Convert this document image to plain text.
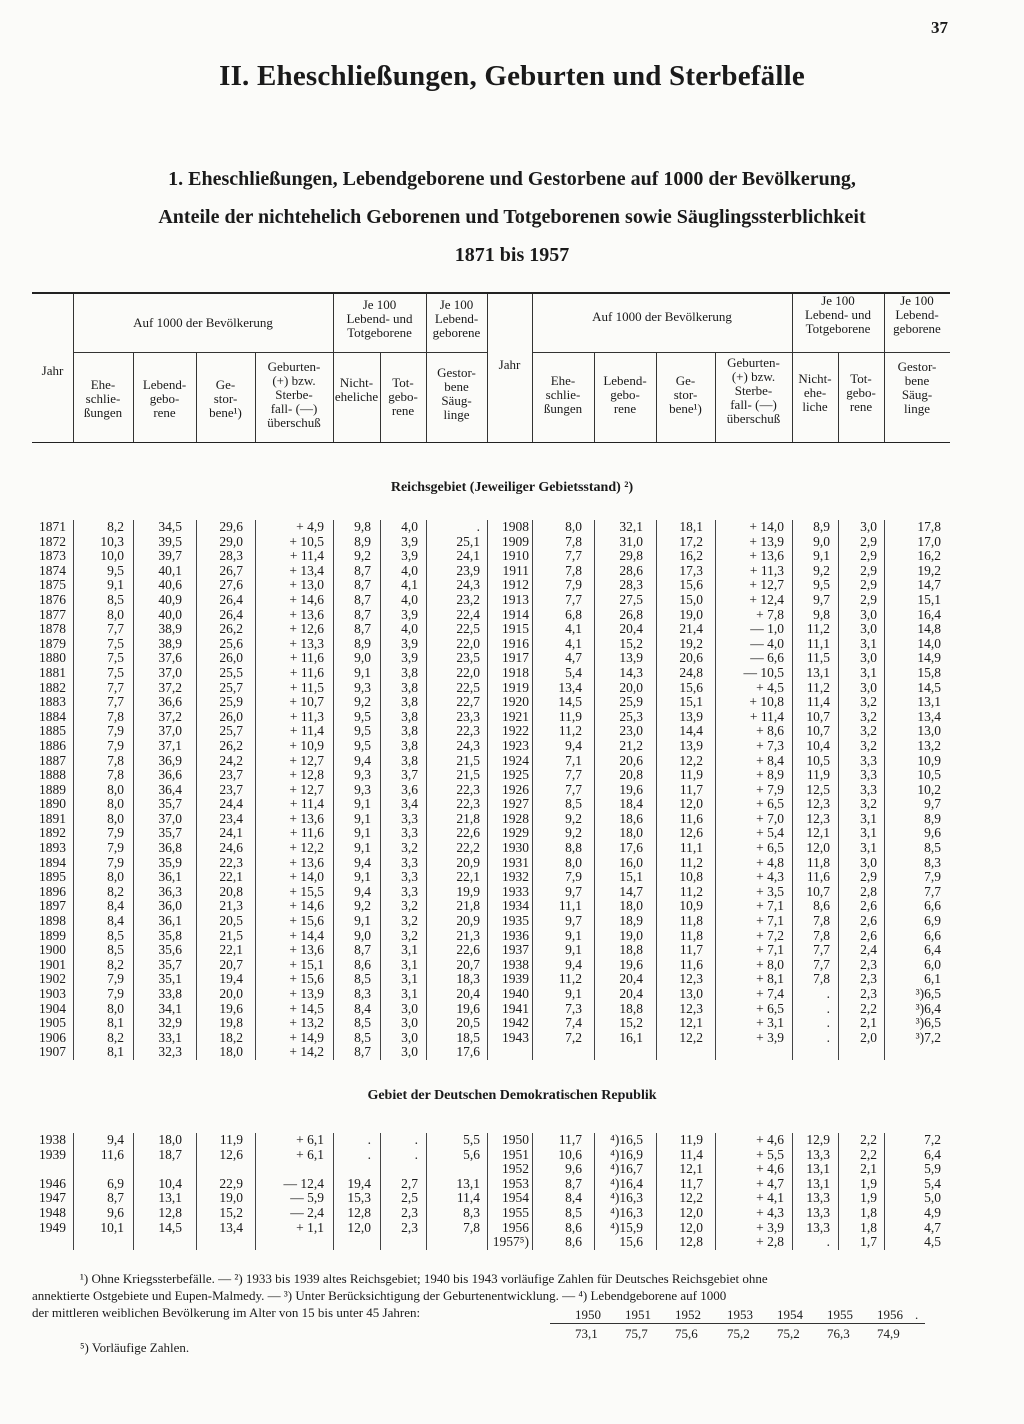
37
II. Eheschließungen, Geburten und Sterbefälle
1. Eheschließungen, Lebendgeborene und Gestorbene auf 1000 der Bevölkerung,
Anteile der nichtehelich Geborenen und Totgeborenen sowie Säuglingssterblichkeit
1871 bis 1957
Jahr
Auf 1000 der Bevölkerung
Je 100
Lebend- und
Totgeborene
Je 100
Lebend-
geborene
Ehe-
schlie-
ßungen
Lebend-
gebo-
rene
Ge-
stor-
bene¹)
Geburten-
(+) bzw.
Sterbe-
fall- (—)
überschuß
Nicht-
eheliche
Tot-
gebo-
rene
Gestor-
bene
Säug-
linge
Jahr
Auf 1000 der Bevölkerung
Je 100
Lebend- und
Totgeborene
Je 100
Lebend-
geborene
Ehe-
schlie-
ßungen
Lebend-
gebo-
rene
Ge-
stor-
bene¹)
Geburten-
(+) bzw.
Sterbe-
fall- (—)
überschuß
Nicht-
ehe-
liche
Tot-
gebo-
rene
Gestor-
bene
Säug-
linge
Reichsgebiet (Jeweiliger Gebietsstand) ²)
1871
1872
1873
1874
1875
1876
1877
1878
1879
1880
1881
1882
1883
1884
1885
1886
1887
1888
1889
1890
1891
1892
1893
1894
1895
1896
1897
1898
1899
1900
1901
1902
1903
1904
1905
1906
1907
8,2
10,3
10,0
9,5
9,1
8,5
8,0
7,7
7,5
7,5
7,5
7,7
7,7
7,8
7,9
7,9
7,8
7,8
8,0
8,0
8,0
7,9
7,9
7,9
8,0
8,2
8,4
8,4
8,5
8,5
8,2
7,9
7,9
8,0
8,1
8,2
8,1
34,5
39,5
39,7
40,1
40,6
40,9
40,0
38,9
38,9
37,6
37,0
37,2
36,6
37,2
37,0
37,1
36,9
36,6
36,4
35,7
37,0
35,7
36,8
35,9
36,1
36,3
36,0
36,1
35,8
35,6
35,7
35,1
33,8
34,1
32,9
33,1
32,3
29,6
29,0
28,3
26,7
27,6
26,4
26,4
26,2
25,6
26,0
25,5
25,7
25,9
26,0
25,7
26,2
24,2
23,7
23,7
24,4
23,4
24,1
24,6
22,3
22,1
20,8
21,3
20,5
21,5
22,1
20,7
19,4
20,0
19,6
19,8
18,2
18,0
+ 4,9
+ 10,5
+ 11,4
+ 13,4
+ 13,0
+ 14,6
+ 13,6
+ 12,6
+ 13,3
+ 11,6
+ 11,6
+ 11,5
+ 10,7
+ 11,3
+ 11,4
+ 10,9
+ 12,7
+ 12,8
+ 12,7
+ 11,4
+ 13,6
+ 11,6
+ 12,2
+ 13,6
+ 14,0
+ 15,5
+ 14,6
+ 15,6
+ 14,4
+ 13,6
+ 15,1
+ 15,6
+ 13,9
+ 14,5
+ 13,2
+ 14,9
+ 14,2
9,8
8,9
9,2
8,7
8,7
8,7
8,7
8,7
8,9
9,0
9,1
9,3
9,2
9,5
9,5
9,5
9,4
9,3
9,3
9,1
9,1
9,1
9,1
9,4
9,1
9,4
9,2
9,1
9,0
8,7
8,6
8,5
8,3
8,4
8,5
8,5
8,7
4,0
3,9
3,9
4,0
4,1
4,0
3,9
4,0
3,9
3,9
3,8
3,8
3,8
3,8
3,8
3,8
3,8
3,7
3,6
3,4
3,3
3,3
3,2
3,3
3,3
3,3
3,2
3,2
3,2
3,1
3,1
3,1
3,1
3,0
3,0
3,0
3,0
.
25,1
24,1
23,9
24,3
23,2
22,4
22,5
22,0
23,5
22,0
22,5
22,7
23,3
22,3
24,3
21,5
21,5
22,3
22,3
21,8
22,6
22,2
20,9
22,1
19,9
21,8
20,9
21,3
22,6
20,7
18,3
20,4
19,6
20,5
18,5
17,6
1908
1909
1910
1911
1912
1913
1914
1915
1916
1917
1918
1919
1920
1921
1922
1923
1924
1925
1926
1927
1928
1929
1930
1931
1932
1933
1934
1935
1936
1937
1938
1939
1940
1941
1942
1943
8,0
7,8
7,7
7,8
7,9
7,7
6,8
4,1
4,1
4,7
5,4
13,4
14,5
11,9
11,2
9,4
7,1
7,7
7,7
8,5
9,2
9,2
8,8
8,0
7,9
9,7
11,1
9,7
9,1
9,1
9,4
11,2
9,1
7,3
7,4
7,2
32,1
31,0
29,8
28,6
28,3
27,5
26,8
20,4
15,2
13,9
14,3
20,0
25,9
25,3
23,0
21,2
20,6
20,8
19,6
18,4
18,6
18,0
17,6
16,0
15,1
14,7
18,0
18,9
19,0
18,8
19,6
20,4
20,4
18,8
15,2
16,1
18,1
17,2
16,2
17,3
15,6
15,0
19,0
21,4
19,2
20,6
24,8
15,6
15,1
13,9
14,4
13,9
12,2
11,9
11,7
12,0
11,6
12,6
11,1
11,2
10,8
11,2
10,9
11,8
11,8
11,7
11,6
12,3
13,0
12,3
12,1
12,2
+ 14,0
+ 13,9
+ 13,6
+ 11,3
+ 12,7
+ 12,4
+ 7,8
— 1,0
— 4,0
— 6,6
— 10,5
+ 4,5
+ 10,8
+ 11,4
+ 8,6
+ 7,3
+ 8,4
+ 8,9
+ 7,9
+ 6,5
+ 7,0
+ 5,4
+ 6,5
+ 4,8
+ 4,3
+ 3,5
+ 7,1
+ 7,1
+ 7,2
+ 7,1
+ 8,0
+ 8,1
+ 7,4
+ 6,5
+ 3,1
+ 3,9
8,9
9,0
9,1
9,2
9,5
9,7
9,8
11,2
11,1
11,5
13,1
11,2
11,4
10,7
10,7
10,4
10,5
11,9
12,5
12,3
12,3
12,1
12,0
11,8
11,6
10,7
8,6
7,8
7,8
7,7
7,7
7,8
.
.
.
.
3,0
2,9
2,9
2,9
2,9
2,9
3,0
3,0
3,1
3,0
3,1
3,0
3,2
3,2
3,2
3,2
3,3
3,3
3,3
3,2
3,1
3,1
3,1
3,0
2,9
2,8
2,6
2,6
2,6
2,4
2,3
2,3
2,3
2,2
2,1
2,0
17,8
17,0
16,2
19,2
14,7
15,1
16,4
14,8
14,0
14,9
15,8
14,5
13,1
13,4
13,0
13,2
10,9
10,5
10,2
9,7
8,9
9,6
8,5
8,3
7,9
7,7
6,6
6,9
6,6
6,4
6,0
6,1
³)6,5
³)6,4
³)6,5
³)7,2
Gebiet der Deutschen Demokratischen Republik
1938
1939
1946
1947
1948
1949
9,4
11,6
6,9
8,7
9,6
10,1
18,0
18,7
10,4
13,1
12,8
14,5
11,9
12,6
22,9
19,0
15,2
13,4
+ 6,1
+ 6,1
— 12,4
— 5,9
— 2,4
+ 1,1
.
.
19,4
15,3
12,8
12,0
.
.
2,7
2,5
2,3
2,3
5,5
5,6
13,1
11,4
8,3
7,8
1950
1951
1952
1953
1954
1955
1956
1957⁵)
11,7
10,6
9,6
8,7
8,4
8,5
8,6
8,6
⁴)16,5
⁴)16,9
⁴)16,7
⁴)16,4
⁴)16,3
⁴)16,3
⁴)15,9
15,6
11,9
11,4
12,1
11,7
12,2
12,0
12,0
12,8
+ 4,6
+ 5,5
+ 4,6
+ 4,7
+ 4,1
+ 4,3
+ 3,9
+ 2,8
12,9
13,3
13,1
13,1
13,3
13,3
13,3
.
2,2
2,2
2,1
1,9
1,9
1,8
1,8
1,7
7,2
6,4
5,9
5,4
5,0
4,9
4,7
4,5
¹) Ohne Kriegssterbefälle. — ²) 1933 bis 1939 altes Reichsgebiet; 1940 bis 1943 vorläufige Zahlen für Deutsches Reichsgebiet ohne
annektierte Ostgebiete und Eupen-Malmedy. — ³) Unter Berücksichtigung der Geburtenentwicklung. — ⁴) Lebendgeborene auf 1000
der mittleren weiblichen Bevölkerung im Alter von 15 bis unter 45 Jahren:	1950 1951 1952 1953 1954 1955 1956 .
73,1 75,7 75,6 75,2 75,2 76,3 74,9
⁵) Vorläufige Zahlen.
